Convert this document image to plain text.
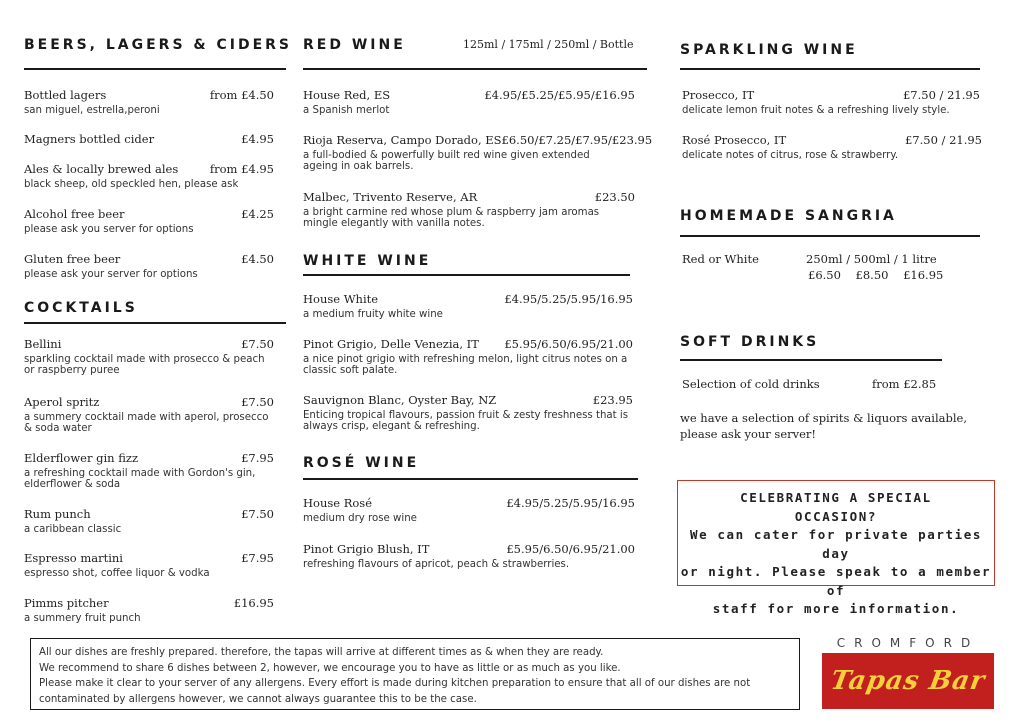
BEERS, LAGERS & CIDERS
Bottled lagers	from £4.50
san miguel, estrella,peroni
Magners bottled cider	£4.95
Ales & locally brewed ales	from £4.95
black sheep, old speckled hen, please ask
Alcohol free beer	£4.25
please ask you server for options
Gluten free beer	£4.50
please ask your server for options
COCKTAILS
Bellini	£7.50
sparkling cocktail made with prosecco & peach or raspberry puree
Aperol spritz	£7.50
a summery cocktail made with aperol, prosecco & soda water
Elderflower gin fizz	£7.95
a refreshing cocktail made with Gordon's gin, elderflower & soda
Rum punch	£7.50
a caribbean classic
Espresso martini	£7.95
espresso shot, coffee liquor & vodka
Pimms pitcher	£16.95
a summery fruit punch
RED WINE	125ml / 175ml / 250ml / Bottle
House Red, ES	£4.95/£5.25/£5.95/£16.95
a Spanish merlot
Rioja Reserva, Campo Dorado, ES £6.50/£7.25/£7.95/£23.95
a full-bodied & powerfully built red wine given extended ageing in oak barrels.
Malbec, Trivento Reserve, AR	£23.50
a bright carmine red whose plum & raspberry jam aromas mingle elegantly with vanilla notes.
WHITE WINE
House White	£4.95/5.25/5.95/16.95
a medium fruity white wine
Pinot Grigio, Delle Venezia, IT £5.95/6.50/6.95/21.00
a nice pinot grigio with refreshing melon, light citrus notes on a classic soft palate.
Sauvignon Blanc, Oyster Bay, NZ	£23.95
Enticing tropical flavours, passion fruit & zesty freshness that is always crisp, elegant & refreshing.
ROSÉ WINE
House Rosé	£4.95/5.25/5.95/16.95
medium dry rose wine
Pinot Grigio Blush, IT	£5.95/6.50/6.95/21.00
refreshing flavours of apricot, peach & strawberries.
SPARKLING WINE
Prosecco, IT	£7.50 / 21.95
delicate lemon fruit notes & a refreshing lively style.
Rosé Prosecco, IT	£7.50 / 21.95
delicate notes of citrus, rose & strawberry.
HOMEMADE SANGRIA
Red or White	250ml / 500ml / 1 litre
£6.50    £8.50    £16.95
SOFT DRINKS
Selection of cold drinks	from £2.85
we have a selection of spirits & liquors available, please ask your server!
CELEBRATING A SPECIAL
OCCASION?
We can cater for private parties day
or night. Please speak to a member of
staff for more information.
All our dishes are freshly prepared. therefore, the tapas will arrive at different times as & when they are ready.
We recommend to share 6 dishes between 2, however, we encourage you to have as little or as much as you like.
Please make it clear to your server of any allergens. Every effort is made during kitchen preparation to ensure that all of our dishes are not
contaminated by allergens however, we cannot always guarantee this to be the case.
CROMFORD
Tapas Bar
